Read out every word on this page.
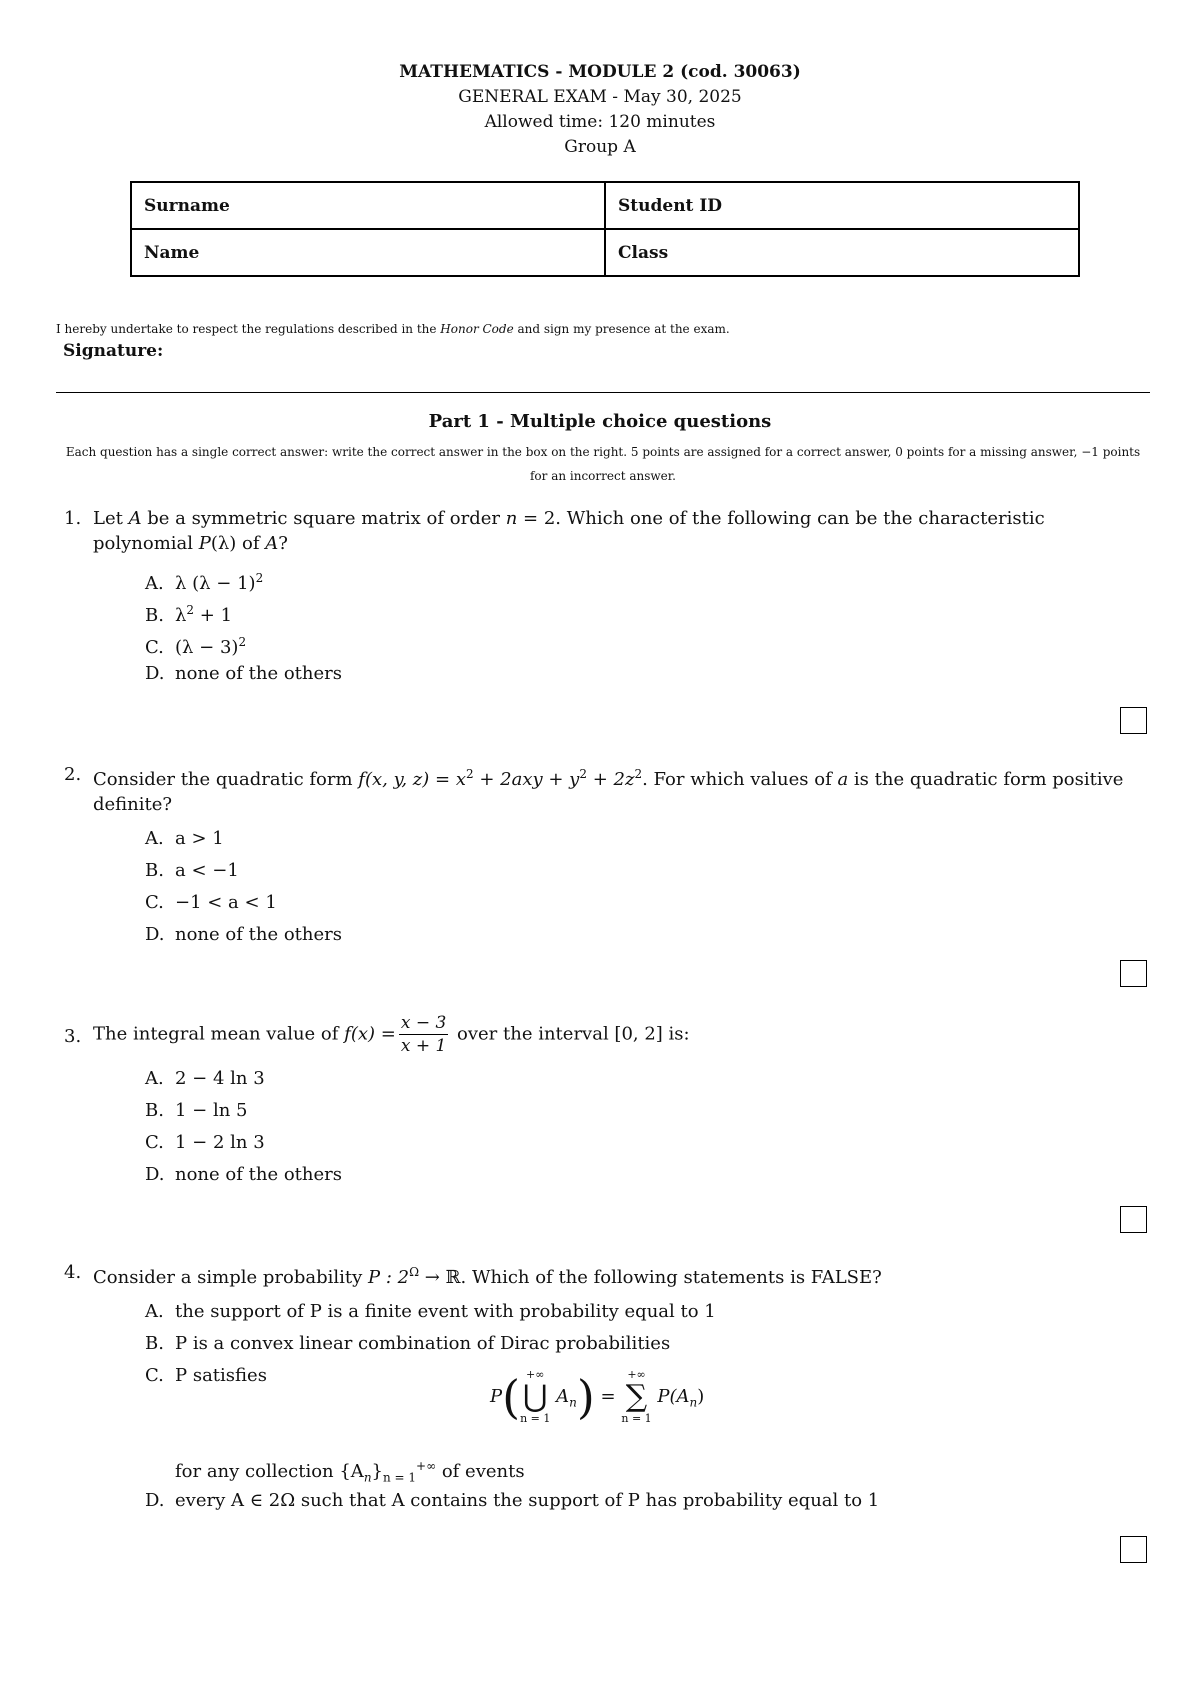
MATHEMATICS - MODULE 2 (cod. 30063)
GENERAL EXAM - May 30, 2025
Allowed time: 120 minutes
Group A
Surname	Student ID
Name	Class
I hereby undertake to respect the regulations described in the Honor Code and sign my presence at the exam.
Signature:
Part 1 - Multiple choice questions
Each question has a single correct answer: write the correct answer in the box on the right. 5 points are assigned for a correct answer, 0 points for a missing answer, −1 points for an incorrect answer.
1. Let A be a symmetric square matrix of order n = 2. Which one of the following can be the characteristic polynomial P(λ) of A?
A. λ $(\lambda - 1)^2$
B. $\lambda^2 + 1$
C. $(\lambda - 3)^2$
D. none of the others
2. Consider the quadratic form f(x, y, $z) = x^2 + 2axy + y^2 + 2z^2$. For which values of a is the quadratic form positive definite?
A. a > 1
B. a < −1
C. −1 < a < 1
D. none of the others
3. The integral mean value of $f(x) = \frac{x - 3}{x + 1}$ over the interval [0, 2] is:
A. 2 − 4 ln 3
B. 1 − ln 5
C. 1 − 2 ln 3
D. none of the others
4. Consider a simple probability P : $2^\Omega$ → ℝ. Which of the following statements is FALSE?
A. the support of P is a finite event with probability equal to 1
B. P is a convex linear combination of Dirac probabilities
C. P satisfies
P( +∞
⋃
n = 1
$A_n$) =
+∞
∑
n = 1
$P(A_n)$
for any collection $\{A_n\}_{n = 1}^{+\infty}$ of events
D. every A ∈ 2Ω such that A contains the support of P has probability equal to 1
